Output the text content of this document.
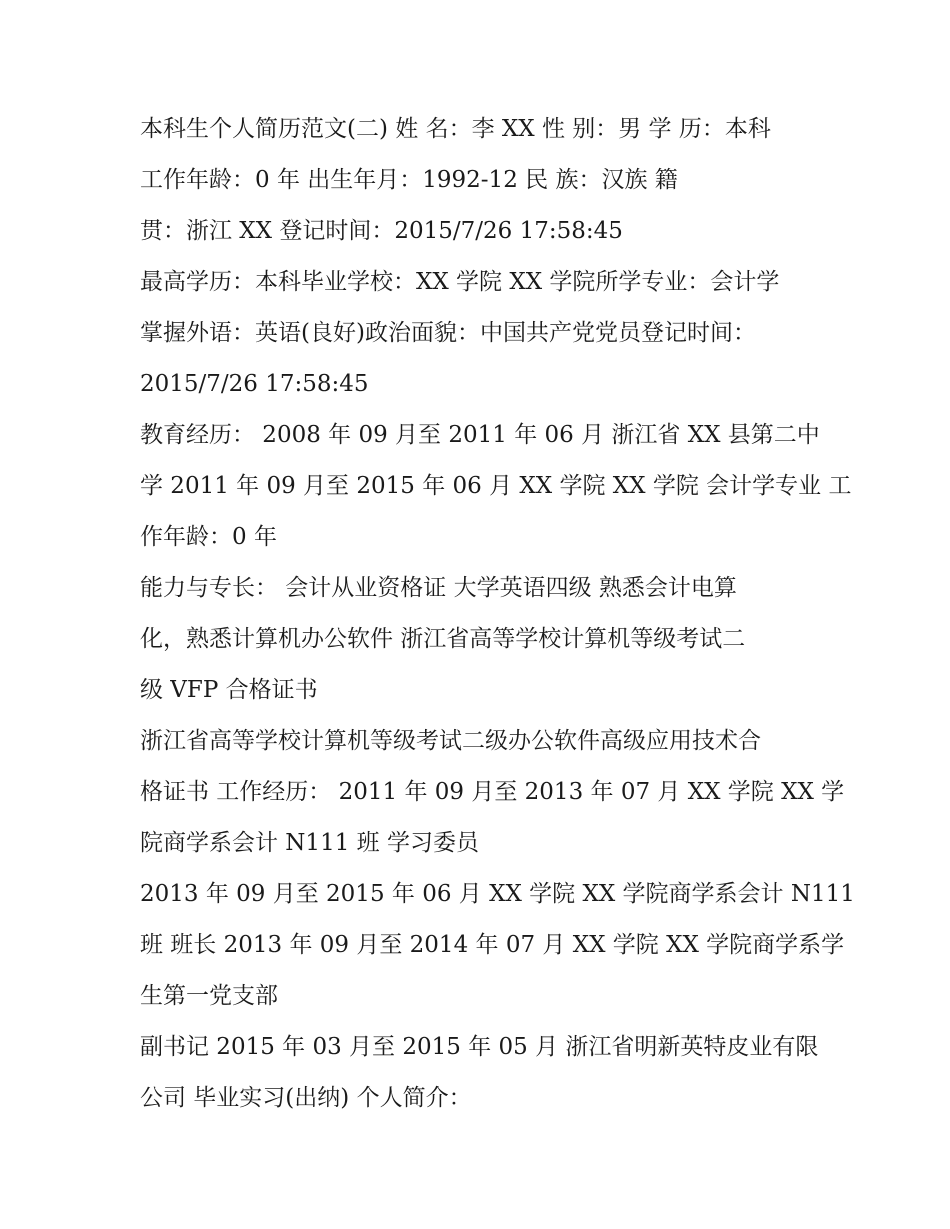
本科生个人简历范文(二) 姓 名：李 XX 性 别：男 学 历：本科
工作年龄：0 年 出生年月：1992-12 民 族：汉族 籍
贯：浙江 XX 登记时间：2015/7/26 17:58:45
最高学历：本科毕业学校：XX 学院 XX 学院所学专业：会计学
掌握外语：英语(良好)政治面貌：中国共产党党员登记时间：
2015/7/26 17:58:45
教育经历： 2008 年 09 月至 2011 年 06 月 浙江省 XX 县第二中
学 2011 年 09 月至 2015 年 06 月 XX 学院 XX 学院 会计学专业 工
作年龄：0 年
能力与专长： 会计从业资格证 大学英语四级 熟悉会计电算
化，熟悉计算机办公软件 浙江省高等学校计算机等级考试二
级 VFP 合格证书
浙江省高等学校计算机等级考试二级办公软件高级应用技术合
格证书 工作经历： 2011 年 09 月至 2013 年 07 月 XX 学院 XX 学
院商学系会计 N111 班 学习委员
2013 年 09 月至 2015 年 06 月 XX 学院 XX 学院商学系会计 N111
班 班长 2013 年 09 月至 2014 年 07 月 XX 学院 XX 学院商学系学
生第一党支部
副书记 2015 年 03 月至 2015 年 05 月 浙江省明新英特皮业有限
公司 毕业实习(出纳) 个人简介：
